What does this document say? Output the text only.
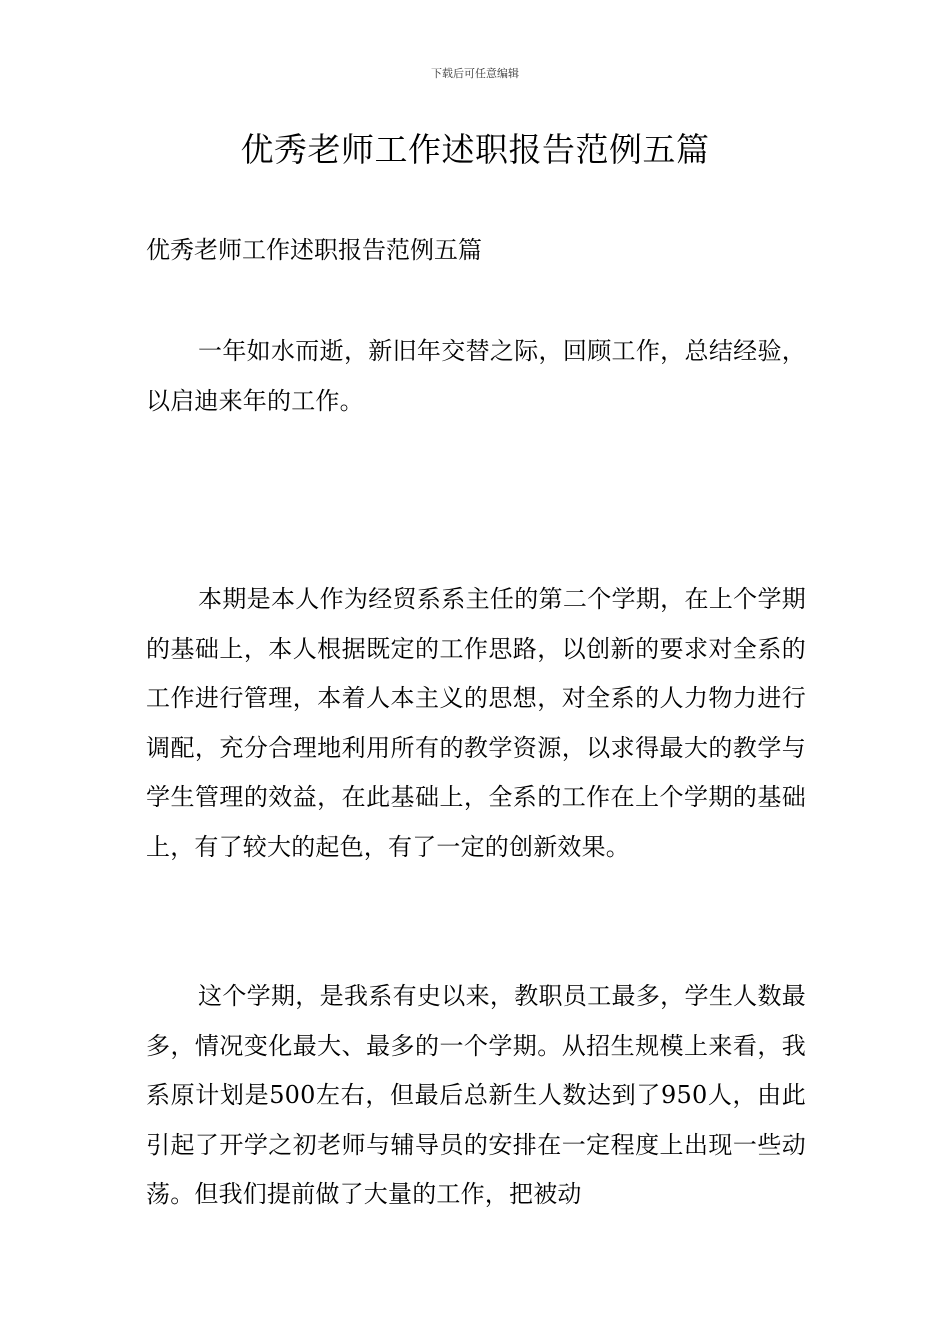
下载后可任意编辑
优秀老师工作述职报告范例五篇

优秀老师工作述职报告范例五篇

一年如水而逝，新旧年交替之际，回顾工作，总结经验，以启迪来年的工作。

本期是本人作为经贸系系主任的第二个学期，在上个学期的基础上，本人根据既定的工作思路，以创新的要求对全系的工作进行管理，本着人本主义的思想，对全系的人力物力进行调配，充分合理地利用所有的教学资源，以求得最大的教学与学生管理的效益，在此基础上，全系的工作在上个学期的基础上，有了较大的起色，有了一定的创新效果。

这个学期，是我系有史以来，教职员工最多，学生人数最多，情况变化最大、最多的一个学期。从招生规模上来看，我系原计划是500左右，但最后总新生人数达到了950人，由此引起了开学之初老师与辅导员的安排在一定程度上出现一些动荡。但我们提前做了大量的工作，把被动
